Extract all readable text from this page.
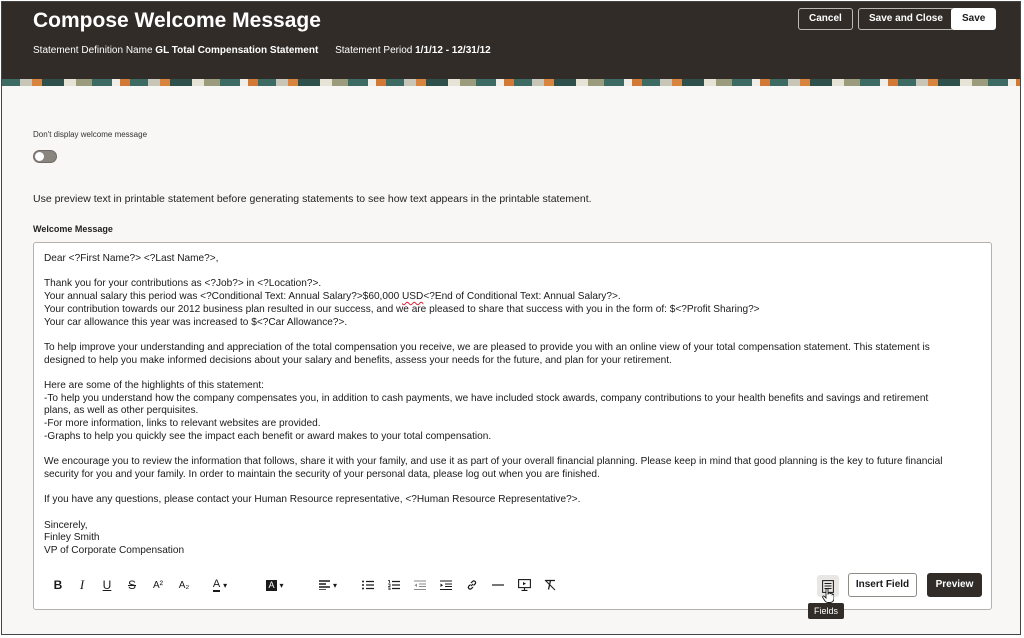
Compose Welcome Message
Statement Definition Name GL Total Compensation Statement Statement Period 1/1/12 - 12/31/12
Cancel	Save and Close	Save
Don't display welcome message
Use preview text in printable statement before generating statements to see how text appears in the printable statement.
Welcome Message

Dear <?First Name?> <?Last Name?>,

Thank you for your contributions as <?Job?> in <?Location?>.

Your annual salary this period was <?Conditional Text: Annual Salary?>$60,000 USD<?End of Conditional Text: Annual Salary?>.

Your contribution towards our 2012 business plan resulted in our success, and we are pleased to share that success with you in the form of: $<?Profit Sharing?>

Your car allowance this year was increased to $<?Car Allowance?>.

To help improve your understanding and appreciation of the total compensation you receive, we are pleased to provide you with an online view of your total compensation statement. This statement is

designed to help you make informed decisions about your salary and benefits, assess your needs for the future, and plan for your retirement.

Here are some of the highlights of this statement:

-To help you understand how the company compensates you, in addition to cash payments, we have included stock awards, company contributions to your health benefits and savings and retirement

plans, as well as other perquisites.

-For more information, links to relevant websites are provided.

-Graphs to help you quickly see the impact each benefit or award makes to your total compensation.

We encourage you to review the information that follows, share it with your family, and use it as part of your overall financial planning. Please keep in mind that good planning is the key to future financial

security for you and your family. In order to maintain the security of your personal data, please log out when you are finished.

If you have any questions, please contact your Human Resource representative, <?Human Resource Representative?>.

Sincerely,

Finley Smith

VP of Corporate Compensation

B	I	U	S	A²	A₂	A ▾	A ▾	▾	Insert Field	Preview
Fields
